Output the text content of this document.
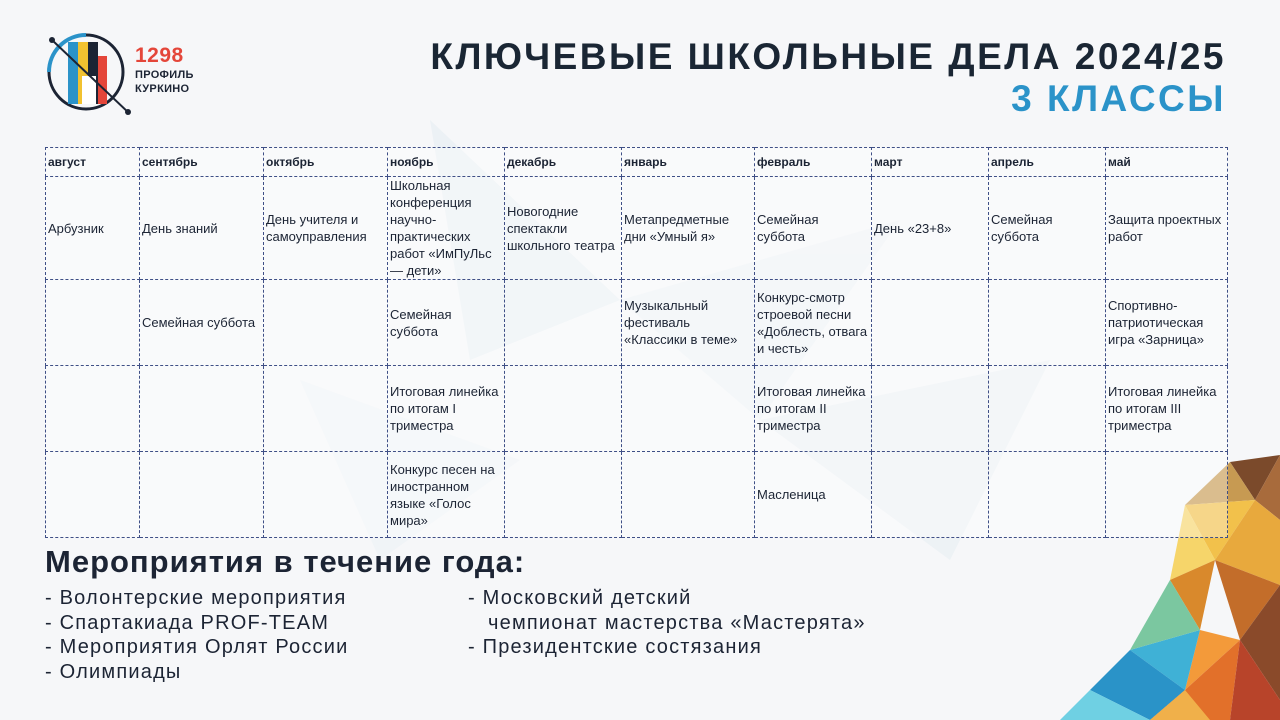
1298
ПРОФИЛЬ
КУРКИНО
КЛЮЧЕВЫЕ ШКОЛЬНЫЕ ДЕЛА 2024/25
3 КЛАССЫ
август	сентябрь	октябрь	ноябрь	декабрь	январь	февраль	март	апрель	май
Арбузник	День знаний	День учителя и самоуправления	Школьная конференция научно-практических работ «ИмПуЛьс — дети»	Новогодние спектакли школьного театра	Метапредметные дни «Умный я»	Семейная суббота	День «23+8»	Семейная суббота	Защита проектных работ
	Семейная суббота		Семейная суббота		Музыкальный фестиваль «Классики в теме»	Конкурс-смотр строевой песни «Доблесть, отвага и честь»			Спортивно-патриотическая игра «Зарница»
			Итоговая линейка по итогам I триместра			Итоговая линейка по итогам II триместра			Итоговая линейка по итогам III триместра
			Конкурс песен на иностранном языке «Голос мира»			Масленица			
Мероприятия в течение года:
- Волонтерские мероприятия
- Спартакиада PROF-TEAM
- Мероприятия Орлят России
- Олимпиады
- Московский детский
чемпионат мастерства «Мастерята»
- Президентские состязания
